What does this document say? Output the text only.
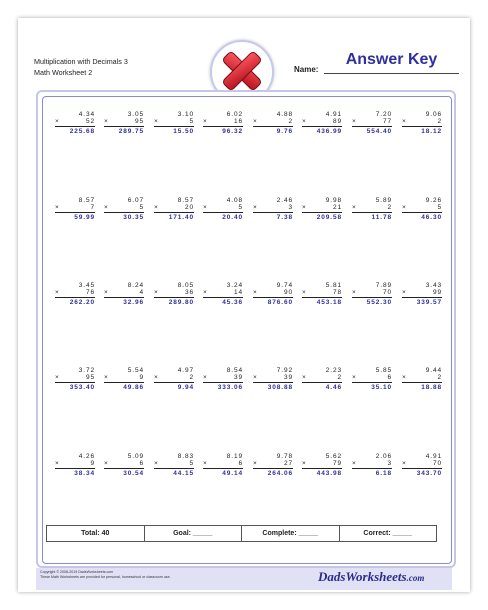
Multiplication with Decimals 3
Math Worksheet 2
Answer Key
Name:
4.34
×	52
225.68
3.05
×	95
289.75
3.10
×	5
15.50
6.02
×	16
96.32
4.88
×	2
9.76
4.91
×	89
436.99
7.20
×	77
554.40
9.06
×	2
18.12
8.57
×	7
59.99
6.07
×	5
30.35
8.57
×	20
171.40
4.08
×	5
20.40
2.46
×	3
7.38
9.98
×	21
209.58
5.89
×	2
11.78
9.26
×	5
46.30
3.45
×	76
262.20
8.24
×	4
32.96
8.05
×	36
289.80
3.24
×	14
45.36
9.74
×	90
876.60
5.81
×	78
453.18
7.89
×	70
552.30
3.43
×	99
339.57
3.72
×	95
353.40
5.54
×	9
49.86
4.97
×	2
9.94
8.54
×	39
333.06
7.92
×	39
308.88
2.23
×	2
4.46
5.85
×	6
35.10
9.44
×	2
18.88
4.26
×	9
38.34
5.09
×	6
30.54
8.83
×	5
44.15
8.19
×	6
49.14
9.78
×	27
264.06
5.62
×	79
443.98
2.06
×	3
6.18
4.91
×	70
343.70
Total: 40	Goal: _____	Complete: _____	Correct: _____
Copyright © 2008-2019 DadsWorksheets.com
These Math Worksheets are provided for personal, homeschool or classroom use.	DadsWorksheets.com
